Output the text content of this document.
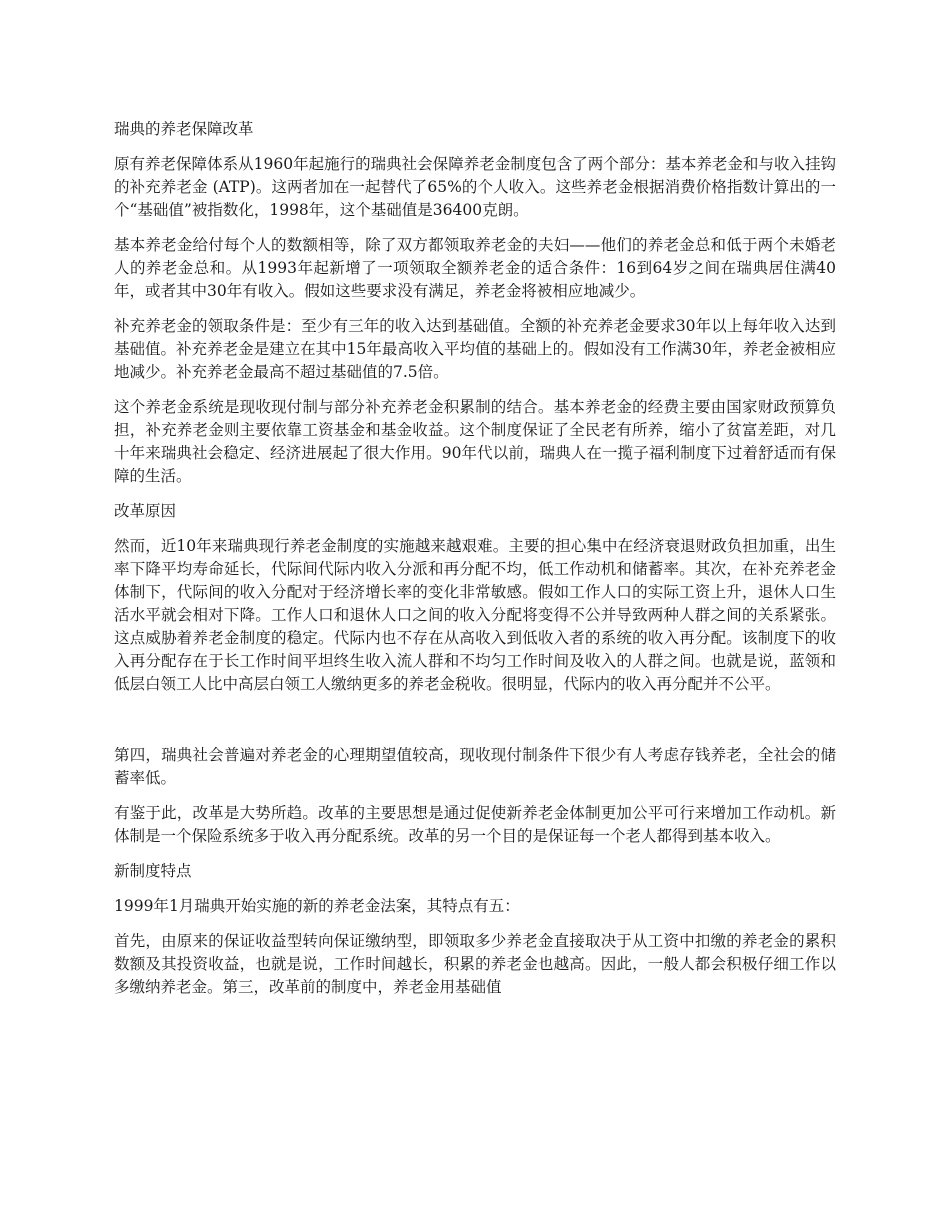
瑞典的养老保障改革
原有养老保障体系从1960年起施行的瑞典社会保障养老金制度包含了两个部分：基本养老金和与收入挂钩的补充养老金 (ATP)。这两者加在一起替代了65%的个人收入。这些养老金根据消费价格指数计算出的一个“基础值”被指数化，1998年，这个基础值是36400克朗。
基本养老金给付每个人的数额相等，除了双方都领取养老金的夫妇——他们的养老金总和低于两个未婚老人的养老金总和。从1993年起新增了一项领取全额养老金的适合条件：16到64岁之间在瑞典居住满40年，或者其中30年有收入。假如这些要求没有满足，养老金将被相应地减少。
补充养老金的领取条件是：至少有三年的收入达到基础值。全额的补充养老金要求30年以上每年收入达到基础值。补充养老金是建立在其中15年最高收入平均值的基础上的。假如没有工作满30年，养老金被相应地减少。补充养老金最高不超过基础值的7.5倍。
这个养老金系统是现收现付制与部分补充养老金积累制的结合。基本养老金的经费主要由国家财政预算负担，补充养老金则主要依靠工资基金和基金收益。这个制度保证了全民老有所养，缩小了贫富差距，对几十年来瑞典社会稳定、经济进展起了很大作用。90年代以前，瑞典人在一揽子福利制度下过着舒适而有保障的生活。
改革原因
然而，近10年来瑞典现行养老金制度的实施越来越艰难。主要的担心集中在经济衰退财政负担加重，出生率下降平均寿命延长，代际间代际内收入分派和再分配不均，低工作动机和储蓄率。其次，在补充养老金体制下，代际间的收入分配对于经济增长率的变化非常敏感。假如工作人口的实际工资上升，退休人口生活水平就会相对下降。工作人口和退休人口之间的收入分配将变得不公并导致两种人群之间的关系紧张。这点威胁着养老金制度的稳定。代际内也不存在从高收入到低收入者的系统的收入再分配。该制度下的收入再分配存在于长工作时间平坦终生收入流人群和不均匀工作时间及收入的人群之间。也就是说，蓝领和低层白领工人比中高层白领工人缴纳更多的养老金税收。很明显，代际内的收入再分配并不公平。
第四，瑞典社会普遍对养老金的心理期望值较高，现收现付制条件下很少有人考虑存钱养老，全社会的储蓄率低。
有鉴于此，改革是大势所趋。改革的主要思想是通过促使新养老金体制更加公平可行来增加工作动机。新体制是一个保险系统多于收入再分配系统。改革的另一个目的是保证每一个老人都得到基本收入。
新制度特点
1999年1月瑞典开始实施的新的养老金法案，其特点有五：
首先，由原来的保证收益型转向保证缴纳型，即领取多少养老金直接取决于从工资中扣缴的养老金的累积数额及其投资收益，也就是说，工作时间越长，积累的养老金也越高。因此，一般人都会积极仔细工作以多缴纳养老金。第三，改革前的制度中，养老金用基础值
